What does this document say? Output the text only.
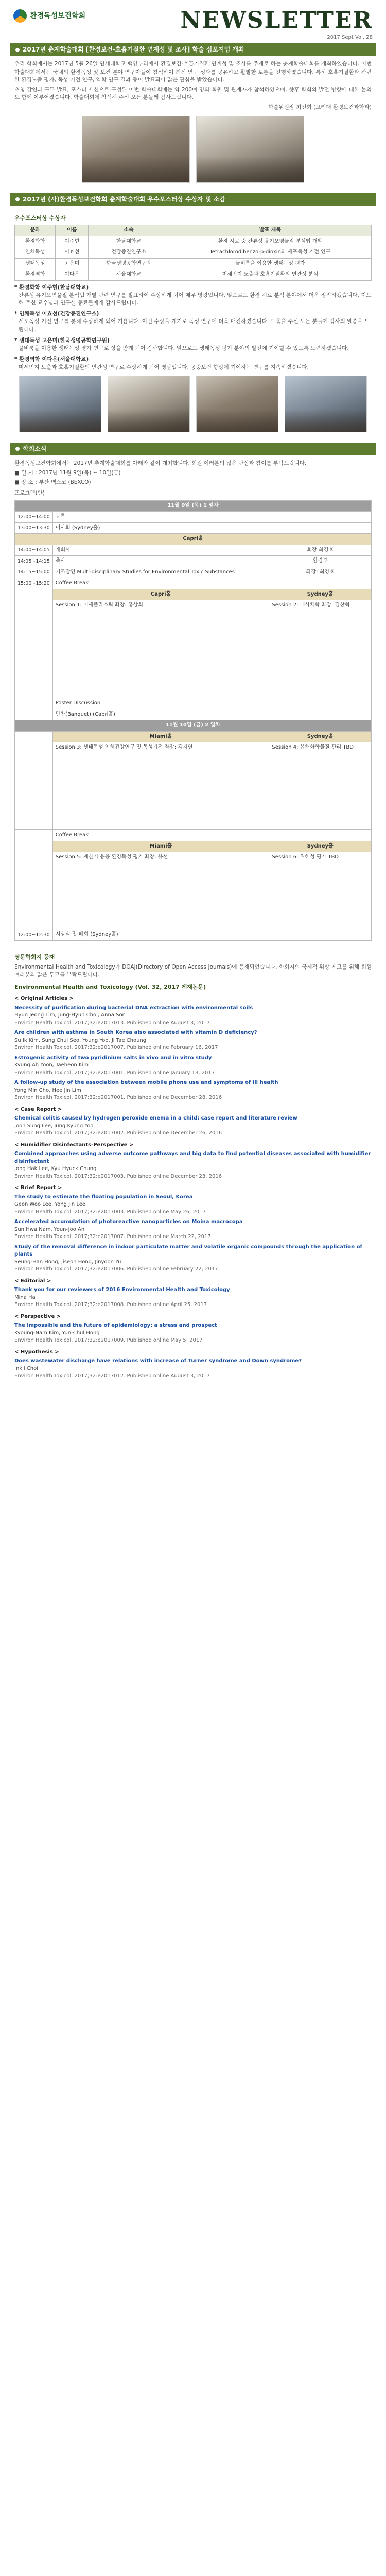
환경독성보건학회	NEWSLETTER
2017 Sept Vol. 28
2017년 춘계학술대회 [환경보건-호흡기질환 연계성 및 조사] 학술 심포지엄 개최

우리 학회에서는 2017년 5월 26일 연세대학교 백양누리에서 환경보건-호흡기질환 연계성 및 조사를 주제로 하는 춘계학술대회를 개최하였습니다. 이번 학술대회에서는 국내외 환경독성 및 보건 분야 연구자들이 참석하여 최신 연구 성과를 공유하고 활발한 토론을 진행하였습니다. 특히 호흡기질환과 관련한 환경노출 평가, 독성 기전 연구, 역학 연구 결과 등이 발표되어 많은 관심을 받았습니다.

초청 강연과 구두 발표, 포스터 세션으로 구성된 이번 학술대회에는 약 200여 명의 회원 및 관계자가 참석하였으며, 향후 학회의 발전 방향에 대한 논의도 함께 이루어졌습니다. 학술대회에 참석해 주신 모든 분들께 감사드립니다.

학술위원장 최진희 (고려대 환경보건과학과)
2017년 (사)환경독성보건학회 춘계학술대회 우수포스터상 수상자 및 소감
우수포스터상 수상자
분과	이름	소속	발표 제목
환경화학	이주현	한남대학교	환경 시료 중 잔류성 유기오염물질 분석법 개발
인체독성	이효선	건강증진연구소	Tetrachlorodibenzo-p-dioxin의 세포독성 기전 연구
생태독성	고은미	한국생명공학연구원	물벼룩을 이용한 생태독성 평가
환경역학	이다은	서울대학교	미세먼지 노출과 호흡기질환의 연관성 분석
* 환경화학 이주현(한남대학교)
잔류성 유기오염물질 분석법 개발 관련 연구를 발표하여 수상하게 되어 매우 영광입니다. 앞으로도 환경 시료 분석 분야에서 더욱 정진하겠습니다. 지도해 주신 교수님과 연구실 동료들에게 감사드립니다.
* 인체독성 이효선(건강증진연구소)
세포독성 기전 연구를 통해 수상하게 되어 기쁩니다. 이번 수상을 계기로 독성 연구에 더욱 매진하겠습니다. 도움을 주신 모든 분들께 감사의 말씀을 드립니다.
* 생태독성 고은미(한국생명공학연구원)
물벼룩을 이용한 생태독성 평가 연구로 상을 받게 되어 감사합니다. 앞으로도 생태독성 평가 분야의 발전에 기여할 수 있도록 노력하겠습니다.
* 환경역학 이다은(서울대학교)
미세먼지 노출과 호흡기질환의 연관성 연구로 수상하게 되어 영광입니다. 공중보건 향상에 기여하는 연구를 지속하겠습니다.
학회소식

환경독성보건학회에서는 2017년 추계학술대회를 아래와 같이 개최합니다. 회원 여러분의 많은 관심과 참여를 부탁드립니다.

■ 일 시 : 2017년 11월 9일(목) ~ 10일(금)
■ 장 소 : 부산 벡스코 (BEXCO)
프로그램(안)
11월 9일 (목) 1 일차		
12:00~14:00	등록	
13:00~13:30	이사회 (Sydney홀)	
Capri홀		
14:00~14:05	개회사	회장 최경호
14:05~14:15	축사	환경부
14:15~15:00	기조강연 Multi-disciplinary Studies for Environmental Toxic Substances	좌장: 최경호
15:00~15:20	Coffee Break	
	Capri홀	Sydney홀
	Session 1: 미세플라스틱 좌장: 홍상희	Session 2: 대사체학 좌장: 김창혁
	Poster Discussion	
	만찬(Banquet) (Capri홀)	
11월 10일 (금) 2 일차		
	Miami홀	Sydney홀
	Session 3: 생태독성 인체건강연구 및 독성기전 좌장: 김지연	Session 4: 유해화학물질 관리 TBD
	Coffee Break	
	Miami홀	Sydney홀
	Session 5: 계산기 응용 환경독성 평가 좌장: 유선	Session 6: 위해성 평가 TBD
12:00~12:30	시상식 및 폐회 (Sydney홀)	
영문학회지 등재

Environmental Health and Toxicology가 DOAJ(Directory of Open Access Journals)에 등재되었습니다. 학회지의 국제적 위상 제고를 위해 회원 여러분의 많은 투고를 부탁드립니다.

Environmental Health and Toxicology (Vol. 32, 2017 게재논문)
< Original Articles >
Necessity of purification during bacterial DNA extraction with environmental soils
Hyun Jeong Lim, Jung-Hyun Choi, Anna Son
Environ Health Toxicol. 2017;32:e2017013. Published online August 3, 2017
Are children with asthma in South Korea also associated with vitamin D deficiency?
Su Ik Kim, Sung Chul Seo, Young Yoo, Ji Tae Choung
Environ Health Toxicol. 2017;32:e2017007. Published online February 16, 2017
Estrogenic activity of two pyridinium salts in vivo and in vitro study
Kyung Ah Yoon, Taeheon Kim
Environ Health Toxicol. 2017;32:e2017001. Published online January 13, 2017
A follow-up study of the association between mobile phone use and symptoms of ill health
Yong Min Cho, Hee Jin Lim
Environ Health Toxicol. 2017;32:e2017001. Published online December 28, 2016
< Case Report >
Chemical colitis caused by hydrogen peroxide enema in a child: case report and literature review
Joon Sung Lee, Jung Kyung Yoo
Environ Health Toxicol. 2017;32:e2017002. Published online December 26, 2016
< Humidifier Disinfectants-Perspective >
Combined approaches using adverse outcome pathways and big data to find potential diseases associated with humidifier disinfectant
Jong Hak Lee, Kyu Hyuck Chung
Environ Health Toxicol. 2017;32:e2017003. Published online December 23, 2016
< Brief Report >
The study to estimate the floating population in Seoul, Korea
Geon Woo Lee, Yong Jin Lee
Environ Health Toxicol. 2017;32:e2017003. Published online May 26, 2017
Accelerated accumulation of photoreactive nanoparticles on Moina macrocopa
Sun Hwa Nam, Youn-Joo An
Environ Health Toxicol. 2017;32:e2017007. Published online March 22, 2017
Study of the removal difference in indoor particulate matter and volatile organic compounds through the application of plants
Seung-Han Hong, Jiseon Hong, Jinyoon Yu
Environ Health Toxicol. 2017;32:e2017006. Published online February 22, 2017
< Editorial >
Thank you for our reviewers of 2016 Environmental Health and Toxicology
Mina Ha
Environ Health Toxicol. 2017;32:e2017008. Published online April 25, 2017
< Perspective >
The impossible and the future of epidemiology: a stress and prospect
Kyoung-Nam Kim, Yun-Chul Hong
Environ Health Toxicol. 2017;32:e2017009. Published online May 5, 2017
< Hypothesis >
Does wastewater discharge have relations with increase of Turner syndrome and Down syndrome?
Inkil Choi
Environ Health Toxicol. 2017;32:e2017012. Published online August 3, 2017
